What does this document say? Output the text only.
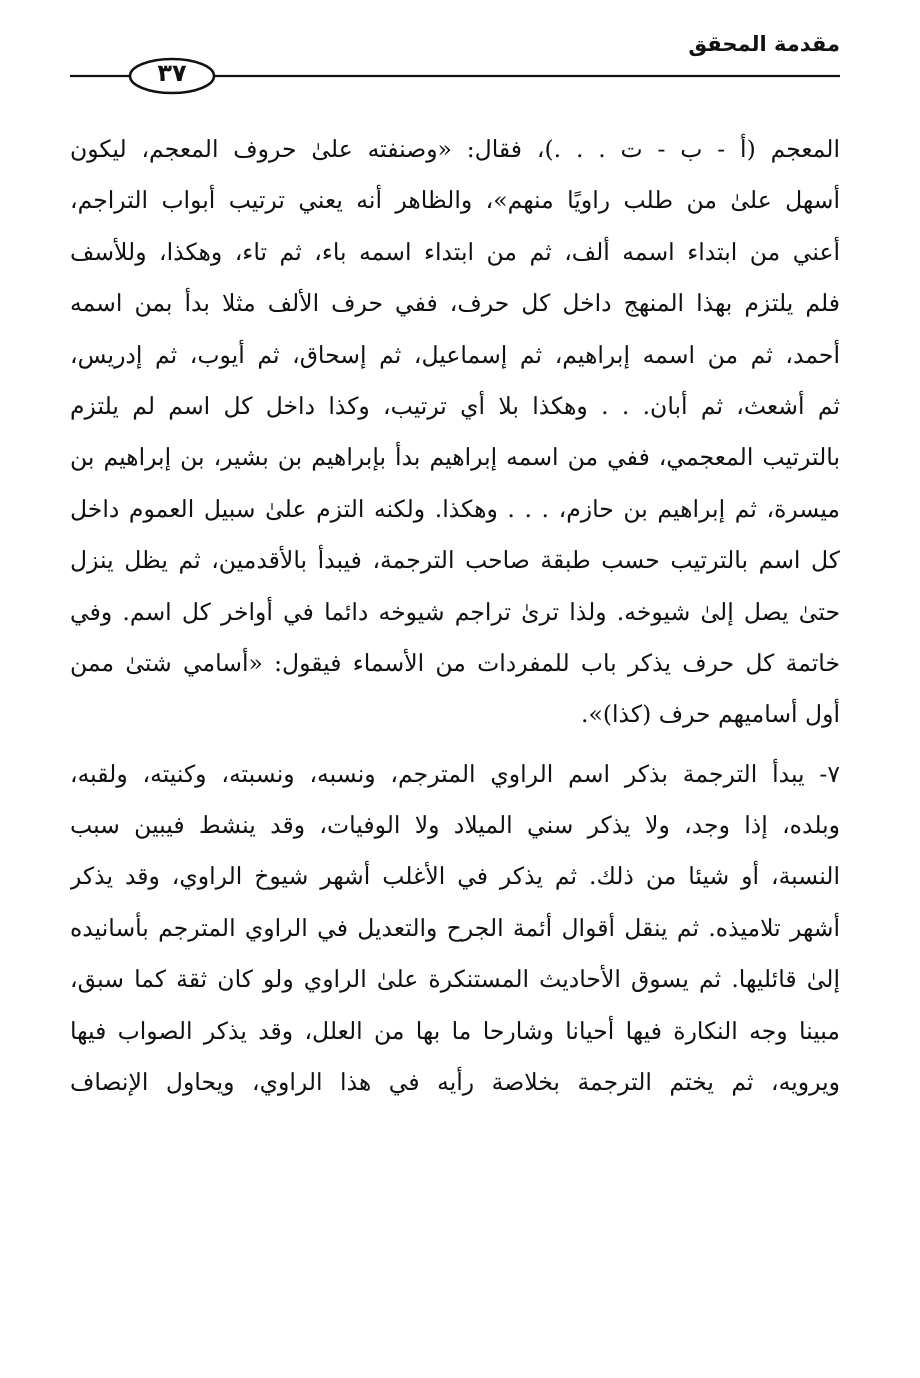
مقدمة المحقق
٣٧

المعجم (أ - ب - ت . . .)، فقال: «وصنفته علىٰ حروف المعجم، ليكون
أسهل علىٰ من طلب راويًا منهم»، والظاهر أنه يعني ترتيب أبواب التراجم،
أعني من ابتداء اسمه ألف، ثم من ابتداء اسمه باء، ثم تاء، وهكذا، وللأسف
فلم يلتزم بهذا المنهج داخل كل حرف، ففي حرف الألف مثلا بدأ بمن اسمه
أحمد، ثم من اسمه إبراهيم، ثم إسماعيل، ثم إسحاق، ثم أيوب، ثم إدريس،
ثم أشعث، ثم أبان. . . وهكذا بلا أي ترتيب، وكذا داخل كل اسم لم يلتزم
بالترتيب المعجمي، ففي من اسمه إبراهيم بدأ بإبراهيم بن بشير، بن إبراهيم بن
ميسرة، ثم إبراهيم بن حازم، . . . وهكذا. ولكنه التزم علىٰ سبيل العموم داخل
كل اسم بالترتيب حسب طبقة صاحب الترجمة، فيبدأ بالأقدمين، ثم يظل ينزل
حتىٰ يصل إلىٰ شيوخه. ولذا ترىٰ تراجم شيوخه دائما في أواخر كل اسم. وفي
خاتمة كل حرف يذكر باب للمفردات من الأسماء فيقول: «أسامي شتىٰ ممن
أول أساميهم حرف (كذا)».

٧- يبدأ الترجمة بذكر اسم الراوي المترجم، ونسبه، ونسبته، وكنيته، ولقبه،
وبلده، إذا وجد، ولا يذكر سني الميلاد ولا الوفيات، وقد ينشط فيبين سبب
النسبة، أو شيئا من ذلك. ثم يذكر في الأغلب أشهر شيوخ الراوي، وقد يذكر
أشهر تلاميذه. ثم ينقل أقوال أئمة الجرح والتعديل في الراوي المترجم بأسانيده
إلىٰ قائليها. ثم يسوق الأحاديث المستنكرة علىٰ الراوي ولو كان ثقة كما سبق،
مبينا وجه النكارة فيها أحيانا وشارحا ما بها من العلل، وقد يذكر الصواب فيها
ويرويه، ثم يختم الترجمة بخلاصة رأيه في هذا الراوي، ويحاول الإنصاف
